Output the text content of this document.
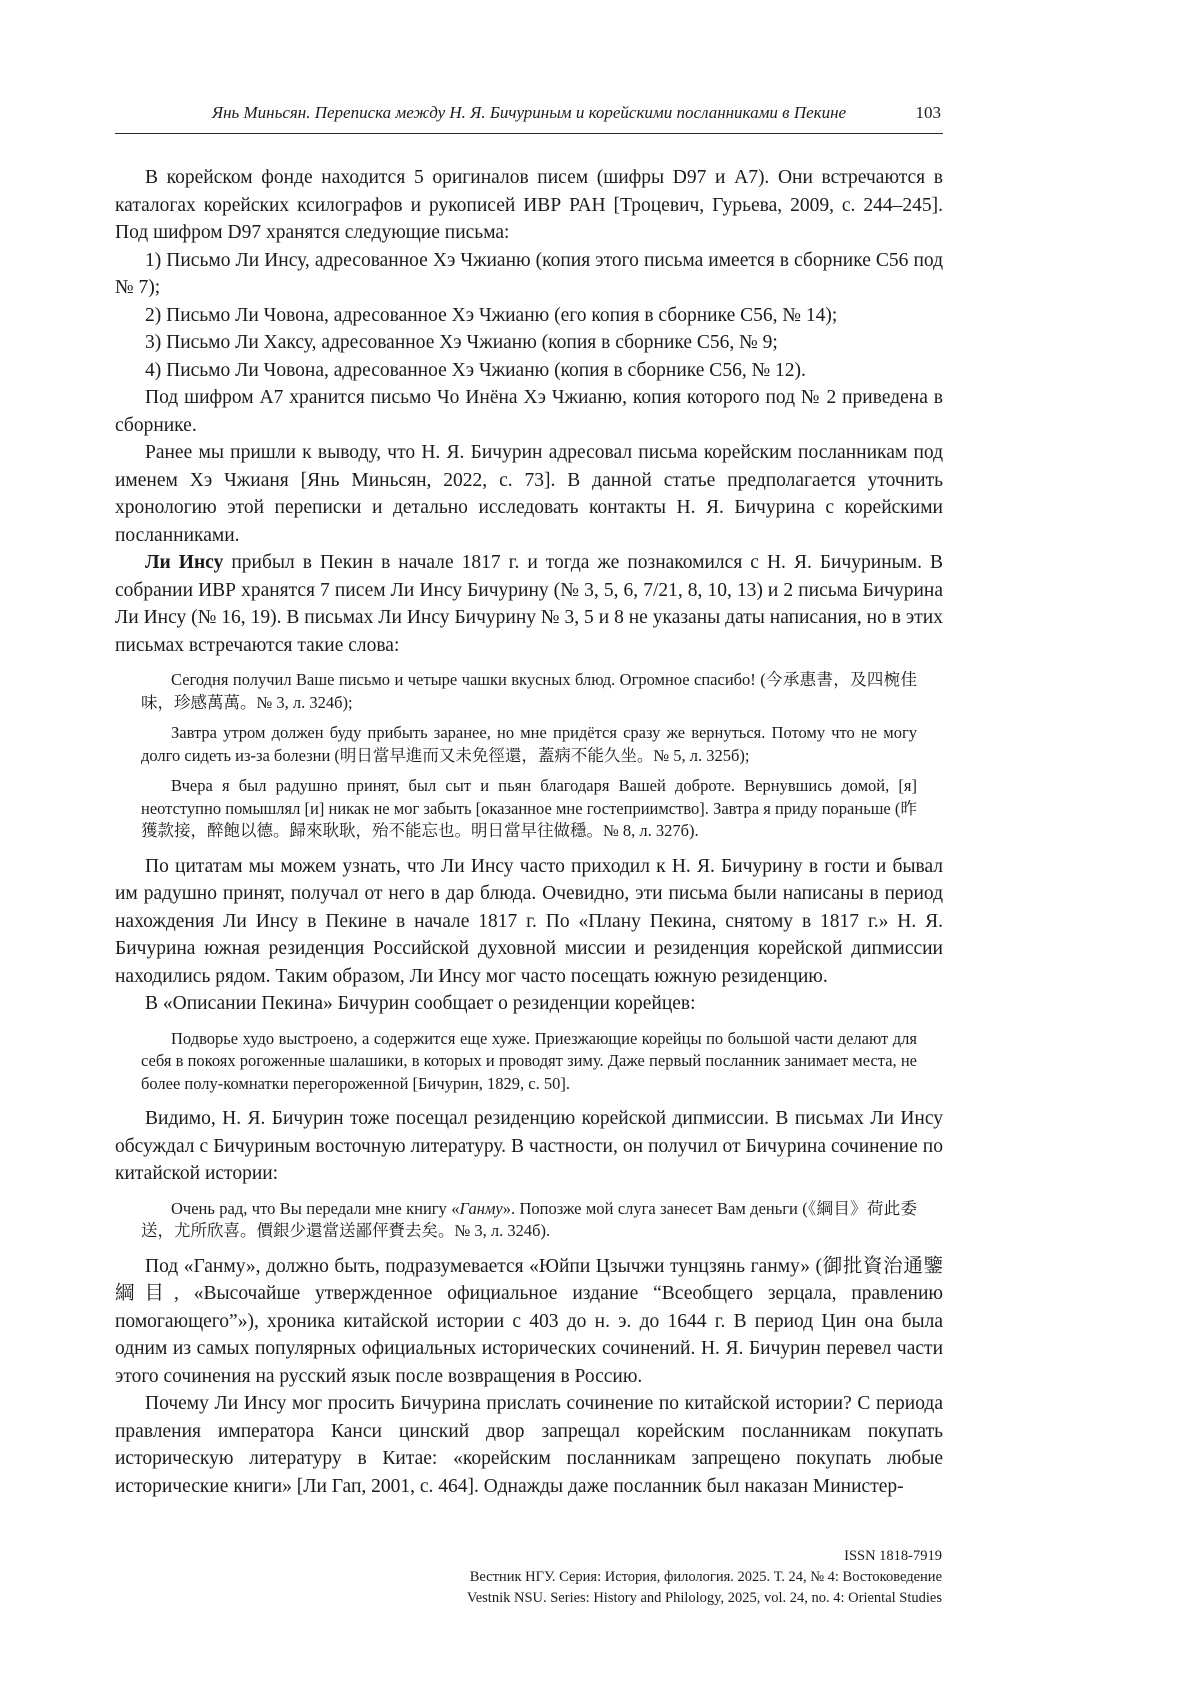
Янь Миньсян. Переписка между Н. Я. Бичуриным и корейскими посланниками в Пекине	103

В корейском фонде находится 5 оригиналов писем (шифры D97 и А7). Они встречаются в каталогах корейских ксилографов и рукописей ИВР РАН [Троцевич, Гурьева, 2009, с. 244–245]. Под шифром D97 хранятся следующие письма:

1) Письмо Ли Инсу, адресованное Хэ Чжианю (копия этого письма имеется в сборнике С56 под № 7);

2) Письмо Ли Човона, адресованное Хэ Чжианю (его копия в сборнике С56, № 14);

3) Письмо Ли Хаксу, адресованное Хэ Чжианю (копия в сборнике С56, № 9;

4) Письмо Ли Човона, адресованное Хэ Чжианю (копия в сборнике С56, № 12).

Под шифром А7 хранится письмо Чо Инёна Хэ Чжианю, копия которого под № 2 приведена в сборнике.

Ранее мы пришли к выводу, что Н. Я. Бичурин адресовал письма корейским посланникам под именем Хэ Чжианя [Янь Миньсян, 2022, с. 73]. В данной статье предполагается уточнить хронологию этой переписки и детально исследовать контакты Н. Я. Бичурина с корейскими посланниками.

Ли Инсу прибыл в Пекин в начале 1817 г. и тогда же познакомился с Н. Я. Бичуриным. В собрании ИВР хранятся 7 писем Ли Инсу Бичурину (№ 3, 5, 6, 7/21, 8, 10, 13) и 2 письма Бичурина Ли Инсу (№ 16, 19). В письмах Ли Инсу Бичурину № 3, 5 и 8 не указаны даты написания, но в этих письмах встречаются такие слова:

Сегодня получил Ваше письмо и четыре чашки вкусных блюд. Огромное спасибо! (今承惠書，及四椀佳味，珍感萬萬。№ 3, л. 324б);

Завтра утром должен буду прибыть заранее, но мне придётся сразу же вернуться. Потому что не могу долго сидеть из-за болезни (明日當早進而又未免徑還，蓋病不能久坐。№ 5, л. 325б);

Вчера я был радушно принят, был сыт и пьян благодаря Вашей доброте. Вернувшись домой, [я] неотступно помышлял [и] никак не мог забыть [оказанное мне гостеприимство]. Завтра я приду пораньше (昨獲款接，醉飽以德。歸來耿耿，殆不能忘也。明日當早往做穩。№ 8, л. 327б).

По цитатам мы можем узнать, что Ли Инсу часто приходил к Н. Я. Бичурину в гости и бывал им радушно принят, получал от него в дар блюда. Очевидно, эти письма были написаны в период нахождения Ли Инсу в Пекине в начале 1817 г. По «Плану Пекина, снятому в 1817 г.» Н. Я. Бичурина южная резиденция Российской духовной миссии и резиденция корейской дипмиссии находились рядом. Таким образом, Ли Инсу мог часто посещать южную резиденцию.

В «Описании Пекина» Бичурин сообщает о резиденции корейцев:

Подворье худо выстроено, а содержится еще хуже. Приезжающие корейцы по большой части делают для себя в покоях рогоженные шалашики, в которых и проводят зиму. Даже первый посланник занимает места, не более полу-комнатки перегороженной [Бичурин, 1829, с. 50].

Видимо, Н. Я. Бичурин тоже посещал резиденцию корейской дипмиссии. В письмах Ли Инсу обсуждал с Бичуриным восточную литературу. В частности, он получил от Бичурина сочинение по китайской истории:

Очень рад, что Вы передали мне книгу «Ганму». Попозже мой слуга занесет Вам деньги (《綱目》荷此委送，尤所欣喜。價銀少還當送鄙伻賚去矣。№ 3, л. 324б).

Под «Ганму», должно быть, подразумевается «Юйпи Цзычжи тунцзянь ганму» (御批資治通鑒綱目, «Высочайше утвержденное официальное издание “Всеобщего зерцала, правлению помогающего”»), хроника китайской истории с 403 до н. э. до 1644 г. В период Цин она была одним из самых популярных официальных исторических сочинений. Н. Я. Бичурин перевел части этого сочинения на русский язык после возвращения в Россию.

Почему Ли Инсу мог просить Бичурина прислать сочинение по китайской истории? С периода правления императора Канси цинский двор запрещал корейским посланникам покупать историческую литературу в Китае: «корейским посланникам запрещено покупать любые исторические книги» [Ли Гап, 2001, с. 464]. Однажды даже посланник был наказан Министер-

ISSN 1818-7919
Вестник НГУ. Серия: История, филология. 2025. Т. 24, № 4: Востоковедение
Vestnik NSU. Series: History and Philology, 2025, vol. 24, no. 4: Oriental Studies
